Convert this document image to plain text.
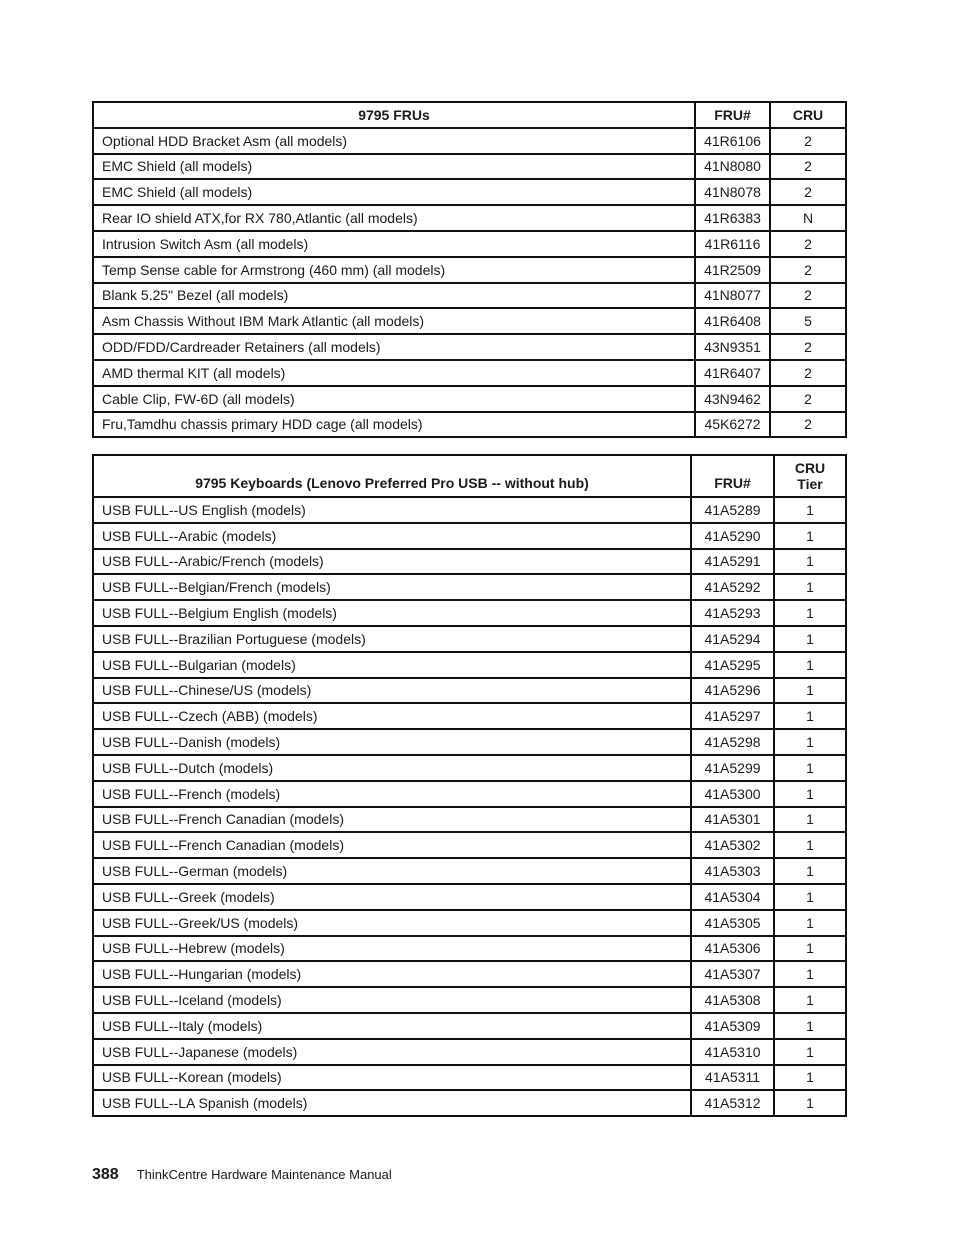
9795 FRUs	FRU#	CRU
Optional HDD Bracket Asm (all models)	41R6106	2
EMC Shield (all models)	41N8080	2
EMC Shield (all models)	41N8078	2
Rear IO shield ATX,for RX 780,Atlantic (all models)	41R6383	N
Intrusion Switch Asm (all models)	41R6116	2
Temp Sense cable for Armstrong (460 mm) (all models)	41R2509	2
Blank 5.25" Bezel (all models)	41N8077	2
Asm Chassis Without IBM Mark Atlantic (all models)	41R6408	5
ODD/FDD/Cardreader Retainers (all models)	43N9351	2
AMD thermal KIT (all models)	41R6407	2
Cable Clip, FW-6D (all models)	43N9462	2
Fru,Tamdhu chassis primary HDD cage (all models)	45K6272	2
9795 Keyboards (Lenovo Preferred Pro USB -- without hub)	FRU#	CRU
Tier
USB FULL--US English (models)	41A5289	1
USB FULL--Arabic (models)	41A5290	1
USB FULL--Arabic/French (models)	41A5291	1
USB FULL--Belgian/French (models)	41A5292	1
USB FULL--Belgium English (models)	41A5293	1
USB FULL--Brazilian Portuguese (models)	41A5294	1
USB FULL--Bulgarian (models)	41A5295	1
USB FULL--Chinese/US (models)	41A5296	1
USB FULL--Czech (ABB) (models)	41A5297	1
USB FULL--Danish (models)	41A5298	1
USB FULL--Dutch (models)	41A5299	1
USB FULL--French (models)	41A5300	1
USB FULL--French Canadian (models)	41A5301	1
USB FULL--French Canadian (models)	41A5302	1
USB FULL--German (models)	41A5303	1
USB FULL--Greek (models)	41A5304	1
USB FULL--Greek/US (models)	41A5305	1
USB FULL--Hebrew (models)	41A5306	1
USB FULL--Hungarian (models)	41A5307	1
USB FULL--Iceland (models)	41A5308	1
USB FULL--Italy (models)	41A5309	1
USB FULL--Japanese (models)	41A5310	1
USB FULL--Korean (models)	41A5311	1
USB FULL--LA Spanish (models)	41A5312	1
388 ThinkCentre Hardware Maintenance Manual
